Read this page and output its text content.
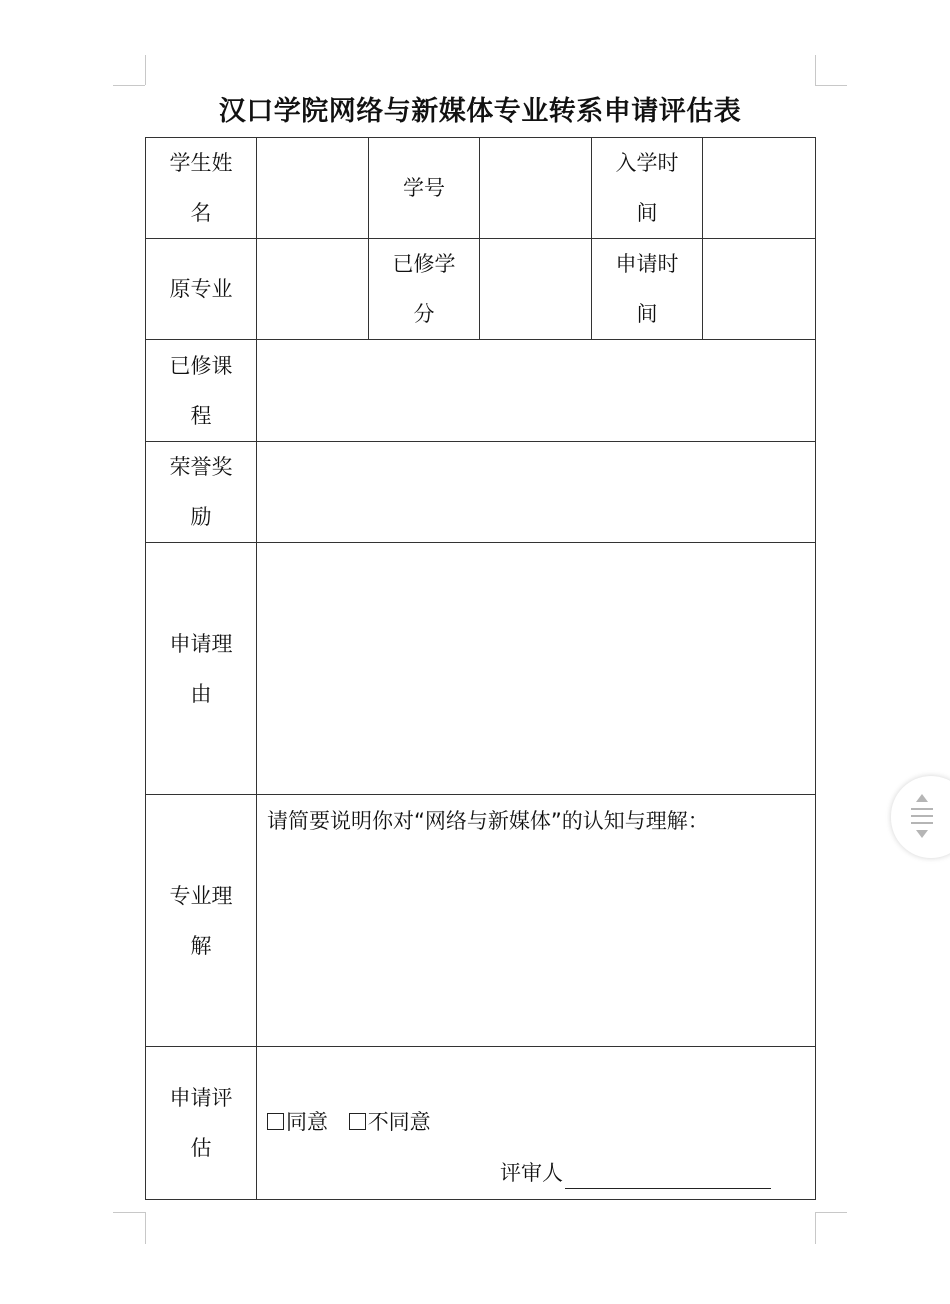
汉口学院网络与新媒体专业转系申请评估表
学生姓名		学号		入学时间	

原专业		已修学分		申请时间	

已修课程					

荣誉奖励					

申请理由					

专业理解	请简要说明你对“网络与新媒体”的认知与理解：				

申请评估	同意 不同意
评审人				
